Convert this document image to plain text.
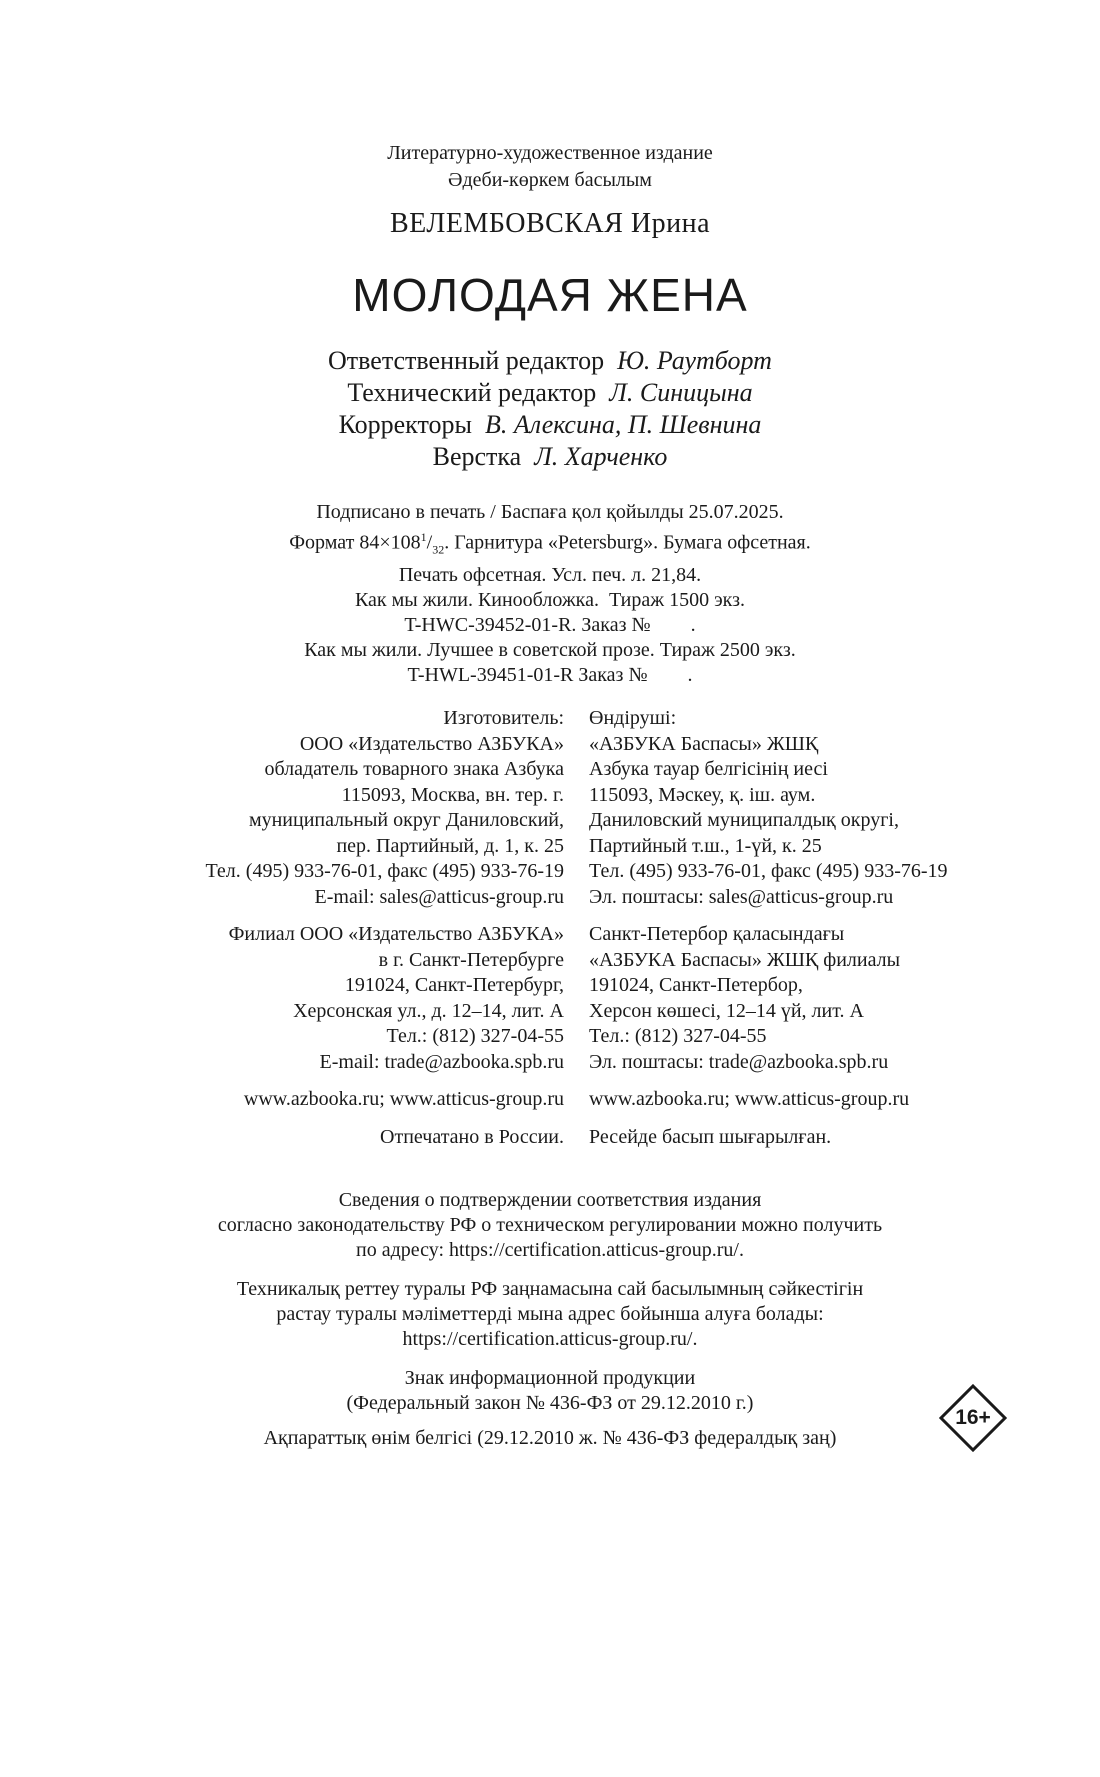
Литературно-художественное издание
Әдеби-көркем басылым
ВЕЛЕМБОВСКАЯ Ирина
МОЛОДАЯ ЖЕНА
Ответственный редактор Ю. Раутборт
Технический редактор Л. Синицына
Корректоры В. Алексина, П. Шевнина
Верстка Л. Харченко
Подписано в печать / Баспаға қол қойылды 25.07.2025.
Формат $84\times 108^1/_{32}$. Гарнитура «Petersburg». Бумага офсетная.
Печать офсетная. Усл. печ. л. 21,84.
Как мы жили. Кинообложка.  Тираж 1500 экз.
T-HWC-39452-01-R. Заказ №        .
Как мы жили. Лучшее в советской прозе. Тираж 2500 экз.
T-HWL-39451-01-R Заказ №        .
Изготовитель:
ООО «Издательство АЗБУКА»
обладатель товарного знака Азбука
115093, Москва, вн. тер. г.
муниципальный округ Даниловский,
пер. Партийный, д. 1, к. 25
Тел. (495) 933-76-01, факс (495) 933-76-19
E-mail: sales@atticus-group.ru
Филиал ООО «Издательство АЗБУКА»
в г. Санкт-Петербурге
191024, Санкт-Петербург,
Херсонская ул., д. 12–14, лит. А
Тел.: (812) 327-04-55
E-mail: trade@azbooka.spb.ru
www.azbooka.ru; www.atticus-group.ru
Отпечатано в России.
Өндіруші:
«АЗБУКА Баспасы» ЖШҚ
Азбука тауар белгісінің иесі
115093, Мәскеу, қ. іш. аум.
Даниловский муниципалдық округі,
Партийный т.ш., 1-үй, к. 25
Тел. (495) 933-76-01, факс (495) 933-76-19
Эл. поштасы: sales@atticus-group.ru
Санкт-Петербор қаласындағы
«АЗБУКА Баспасы» ЖШҚ филиалы
191024, Санкт-Петербор,
Херсон көшесі, 12–14 үй, лит. А
Тел.: (812) 327-04-55
Эл. поштасы: trade@azbooka.spb.ru
www.azbooka.ru; www.atticus-group.ru
Ресейде басып шығарылған.
Сведения о подтверждении соответствия издания
согласно законодательству РФ о техническом регулировании можно получить
по адресу: https://certification.atticus-group.ru/.
Техникалық реттеу туралы РФ заңнамасына сай басылымның сәйкестігін
растау туралы мәліметтерді мына адрес бойынша алуға болады:
https://certification.atticus-group.ru/.
Знак информационной продукции
(Федеральный закон № 436-ФЗ от 29.12.2010 г.)
Ақпараттық өнім белгісі (29.12.2010 ж. № 436-ФЗ федералдық заң)
16+
